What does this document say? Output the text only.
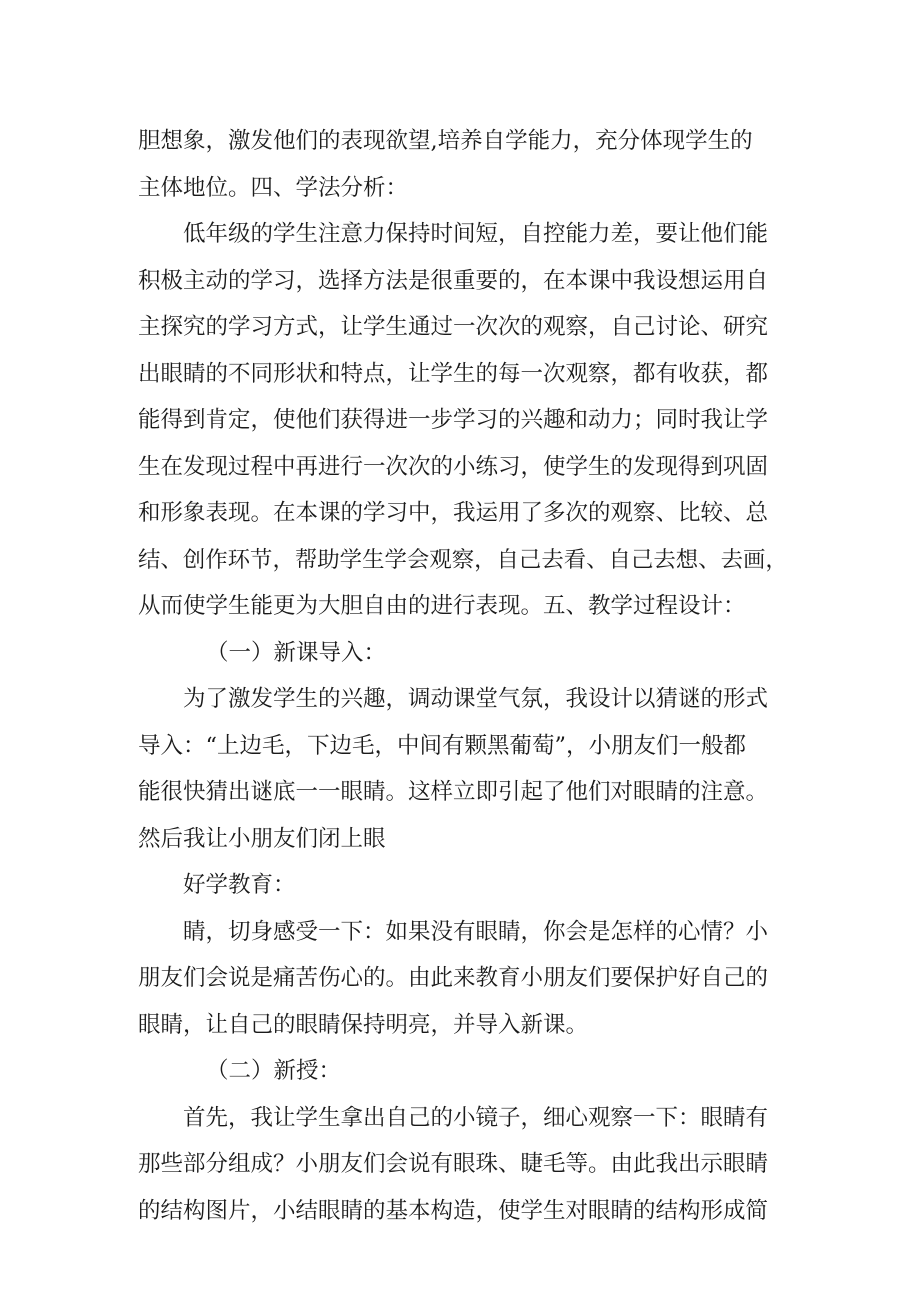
胆想象，激发他们的表现欲望,培养自学能力，充分体现学生的
主体地位。四、学法分析：
低年级的学生注意力保持时间短，自控能力差，要让他们能
积极主动的学习，选择方法是很重要的，在本课中我设想运用自
主探究的学习方式，让学生通过一次次的观察，自己讨论、研究
出眼睛的不同形状和特点，让学生的每一次观察，都有收获，都
能得到肯定，使他们获得进一步学习的兴趣和动力；同时我让学
生在发现过程中再进行一次次的小练习，使学生的发现得到巩固
和形象表现。在本课的学习中，我运用了多次的观察、比较、总
结、创作环节，帮助学生学会观察，自己去看、自己去想、去画，
从而使学生能更为大胆自由的进行表现。五、教学过程设计：
（一）新课导入：
为了激发学生的兴趣，调动课堂气氛，我设计以猜谜的形式
导入：“上边毛，下边毛，中间有颗黑葡萄”，小朋友们一般都
能很快猜出谜底一一眼睛。这样立即引起了他们对眼睛的注意。
然后我让小朋友们闭上眼
好学教育：
睛，切身感受一下：如果没有眼睛，你会是怎样的心情？小
朋友们会说是痛苦伤心的。由此来教育小朋友们要保护好自己的
眼睛，让自己的眼睛保持明亮，并导入新课。
（二）新授：
首先，我让学生拿出自己的小镜子，细心观察一下：眼睛有
那些部分组成？小朋友们会说有眼珠、睫毛等。由此我出示眼睛
的结构图片，小结眼睛的基本构造，使学生对眼睛的结构形成简
